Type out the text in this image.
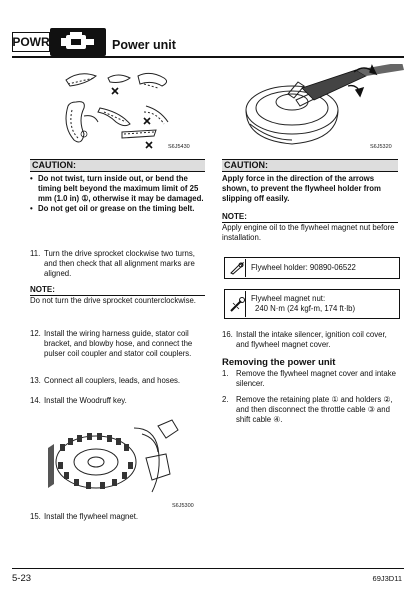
POWR	Power unit
S6J5430	S6J5320
CAUTION:
• Do not twist, turn inside out, or bend the timing belt beyond the maximum limit of 25 mm (1.0 in) ①, otherwise it may be damaged.
• Do not get oil or grease on the timing belt.
11. Turn the drive sprocket clockwise two turns, and then check that all alignment marks are aligned.
NOTE:
Do not turn the drive sprocket counterclockwise.
12. Install the wiring harness guide, stator coil bracket, and blowby hose, and connect the pulser coil coupler and stator coil couplers.
13. Connect all couplers, leads, and hoses.
14. Install the Woodruff key.
S6J5300
15. Install the flywheel magnet.
CAUTION:
Apply force in the direction of the arrows shown, to prevent the flywheel holder from slipping off easily.
NOTE:
Apply engine oil to the flywheel magnet nut before installation.
Flywheel holder: 90890-06522
Flywheel magnet nut:
240 N·m (24 kgf-m, 174 ft·lb)
16. Install the intake silencer, ignition coil cover, and flywheel magnet cover.
Removing the power unit
1. Remove the flywheel magnet cover and intake silencer.
2. Remove the retaining plate ① and holders ②, and then disconnect the throttle cable ③ and shift cable ④.
5-23	69J3D11
